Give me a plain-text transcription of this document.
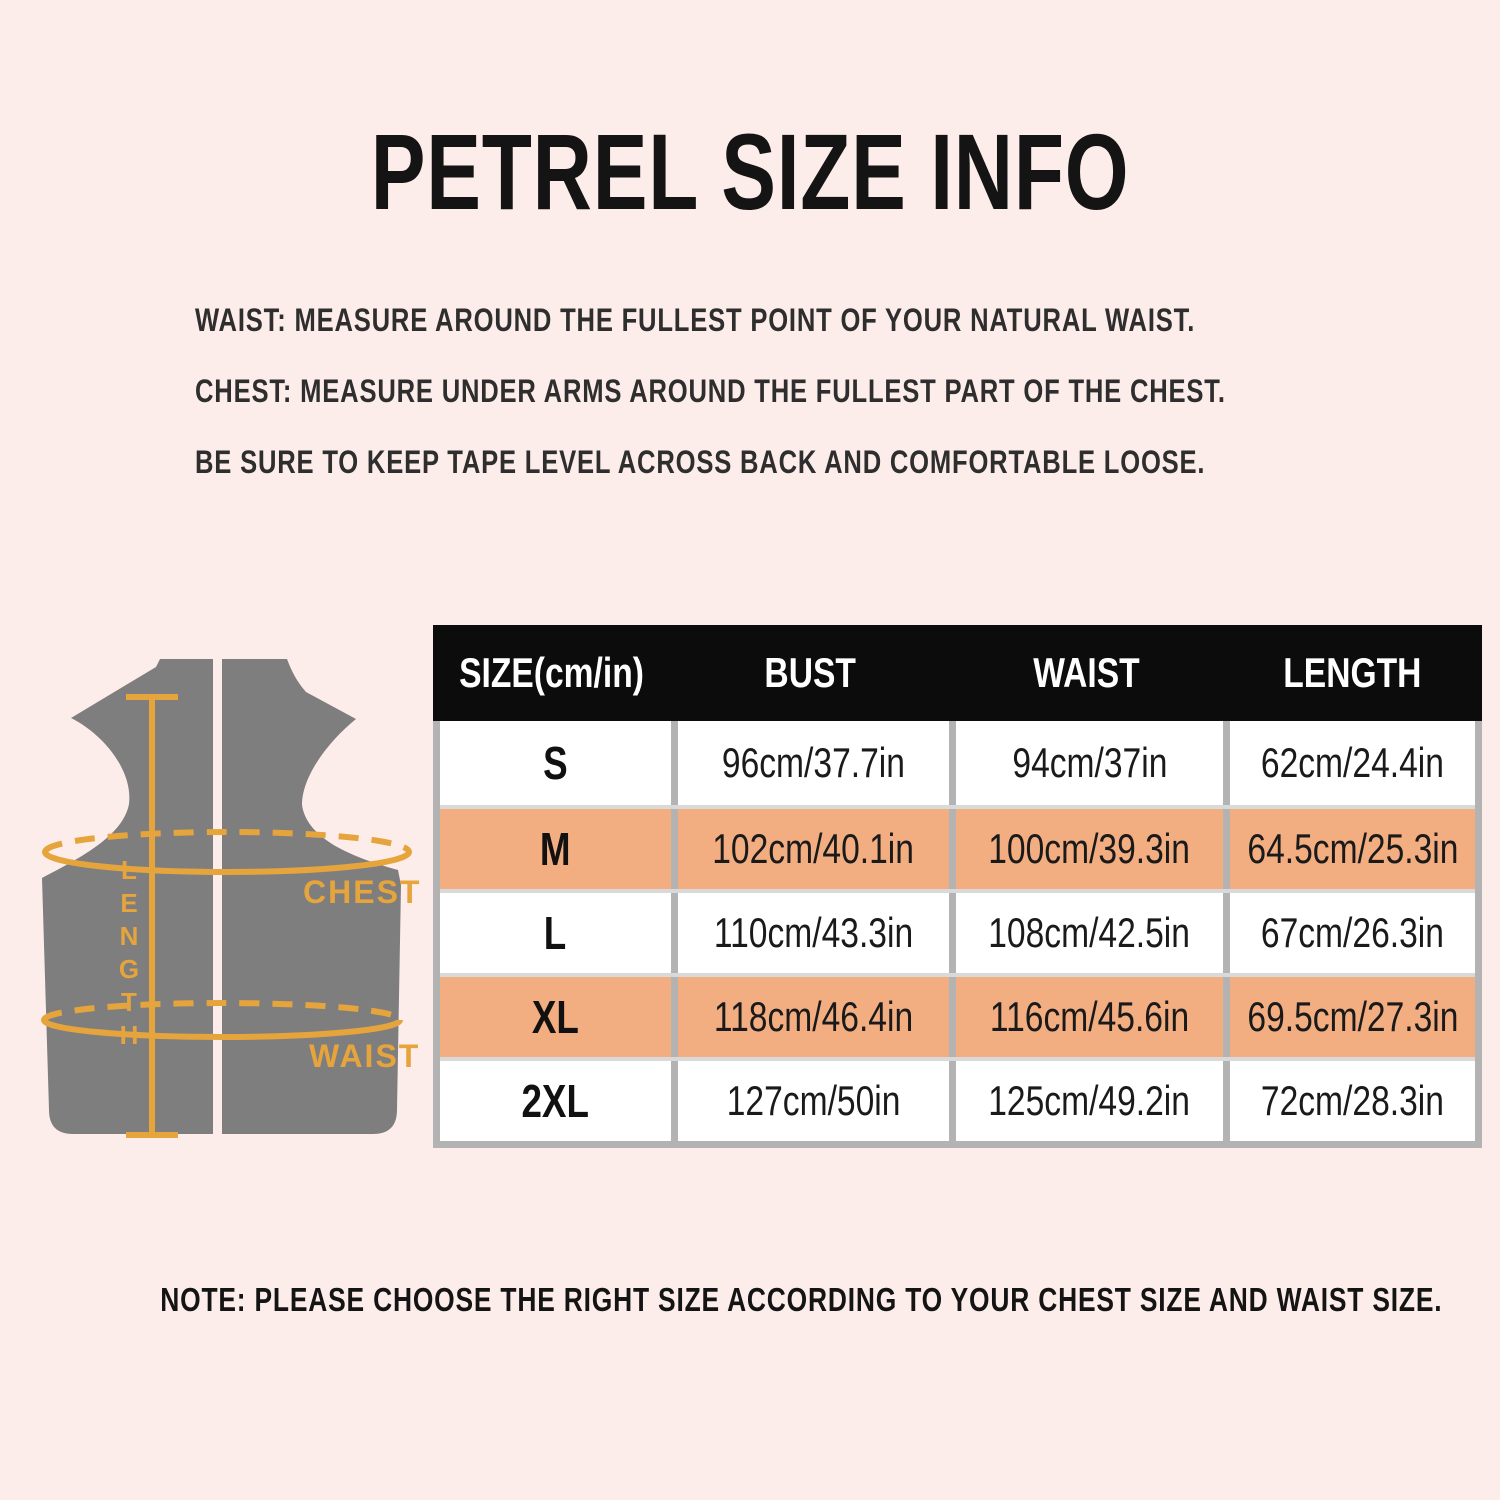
PETREL SIZE INFO
WAIST: MEASURE AROUND THE FULLEST POINT OF YOUR NATURAL WAIST.
CHEST: MEASURE UNDER ARMS AROUND THE FULLEST PART OF THE CHEST.
BE SURE TO KEEP TAPE LEVEL ACROSS BACK AND COMFORTABLE LOOSE.
LENGTH	CHEST
WAIST
SIZE(cm/in)	BUST	WAIST	LENGTH
S	96cm/37.7in	94cm/37in 62cm/24.4in
M	102cm/40.1in 100cm/39.3in 64.5cm/25.3in
L	110cm/43.3in 108cm/42.5in 67cm/26.3in
XL	118cm/46.4in 116cm/45.6in 69.5cm/27.3in
2XL	127cm/50in 125cm/49.2in 72cm/28.3in
NOTE: PLEASE CHOOSE THE RIGHT SIZE ACCORDING TO YOUR CHEST SIZE AND WAIST SIZE.
